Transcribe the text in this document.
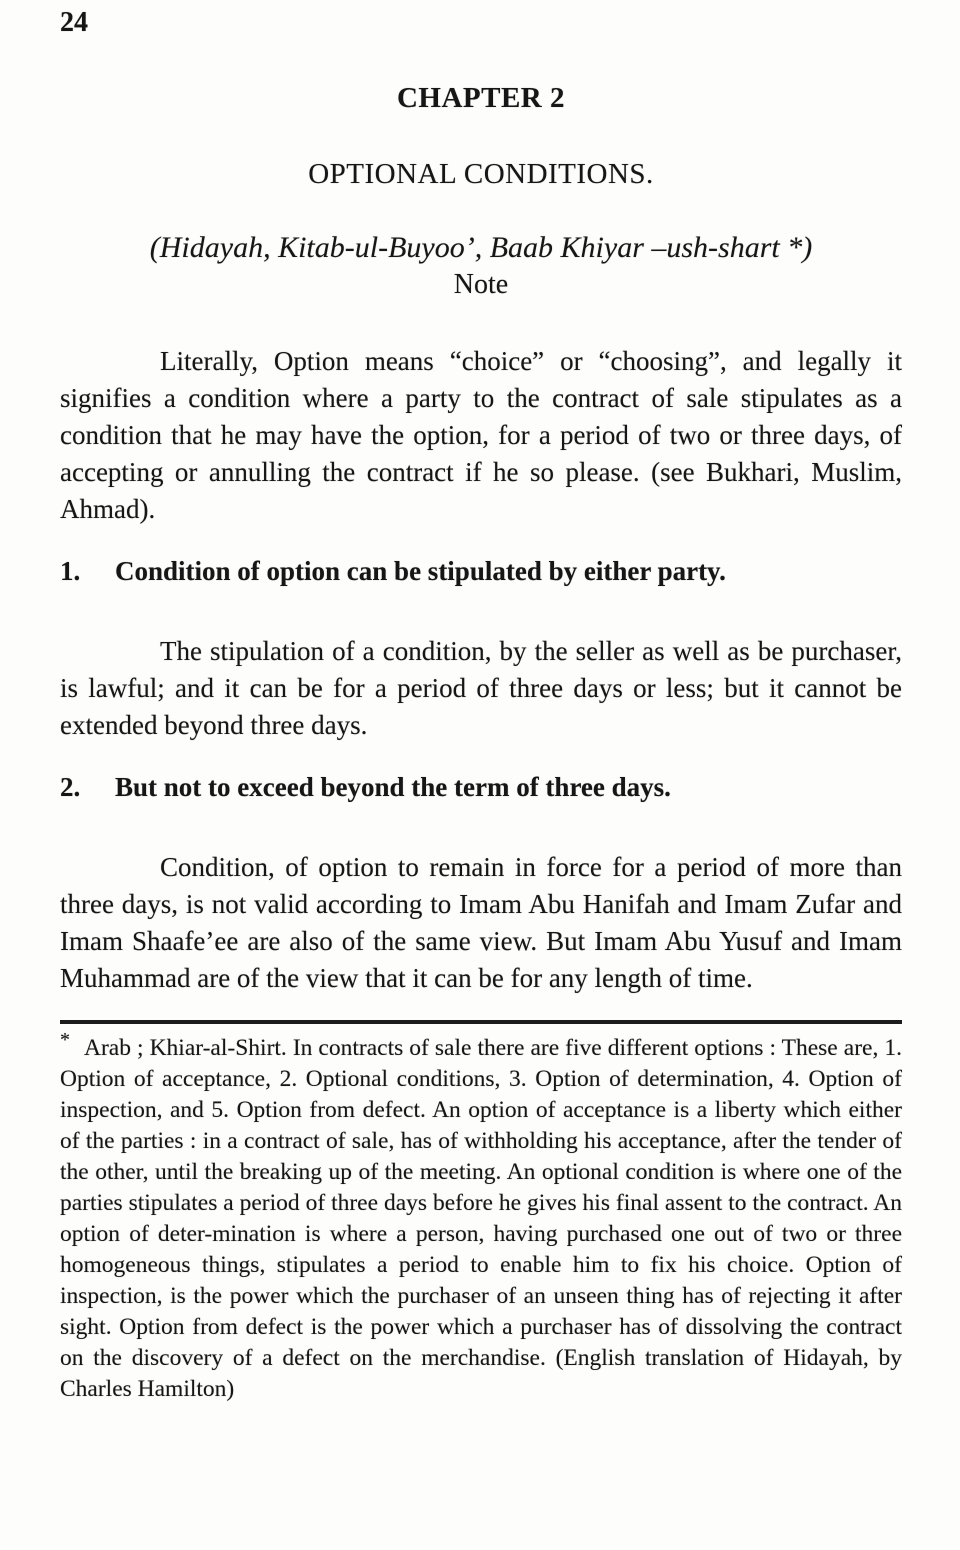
24
CHAPTER 2
OPTIONAL CONDITIONS.
(Hidayah, Kitab-ul-Buyoo’, Baab Khiyar –ush-shart *)
Note

Literally, Option means “choice” or “choosing”, and legally it signifies a condition where a party to the contract of sale stipulates as a condition that he may have the option, for a period of two or three days, of accepting or annulling the contract if he so please. (see Bukhari, Muslim, Ahmad).

1.	Condition of option can be stipulated by either party.

The stipulation of a condition, by the seller as well as be purchaser, is lawful; and it can be for a period of three days or less; but it cannot be extended beyond three days.

2.	But not to exceed beyond the term of three days.

Condition, of option to remain in force for a period of more than three days, is not valid according to Imam Abu Hanifah and Imam Zufar and Imam Shaafe’ee are also of the same view. But Imam Abu Yusuf and Imam Muhammad are of the view that it can be for any length of time.

* Arab ; Khiar-al-Shirt. In contracts of sale there are five different options : These are, 1. Option of acceptance, 2. Optional conditions, 3. Option of determination, 4. Option of inspection, and 5. Option from defect. An option of acceptance is a liberty which either of the parties : in a contract of sale, has of withholding his acceptance, after the tender of the other, until the breaking up of the meeting. An optional condition is where one of the parties stipulates a period of three days before he gives his final assent to the contract. An option of deter-mination is where a person, having purchased one out of two or three homogeneous things, stipulates a period to enable him to fix his choice. Option of inspection, is the power which the purchaser of an unseen thing has of rejecting it after sight. Option from defect is the power which a purchaser has of dissolving the contract on the discovery of a defect on the merchandise. (English translation of Hidayah, by Charles Hamilton)
